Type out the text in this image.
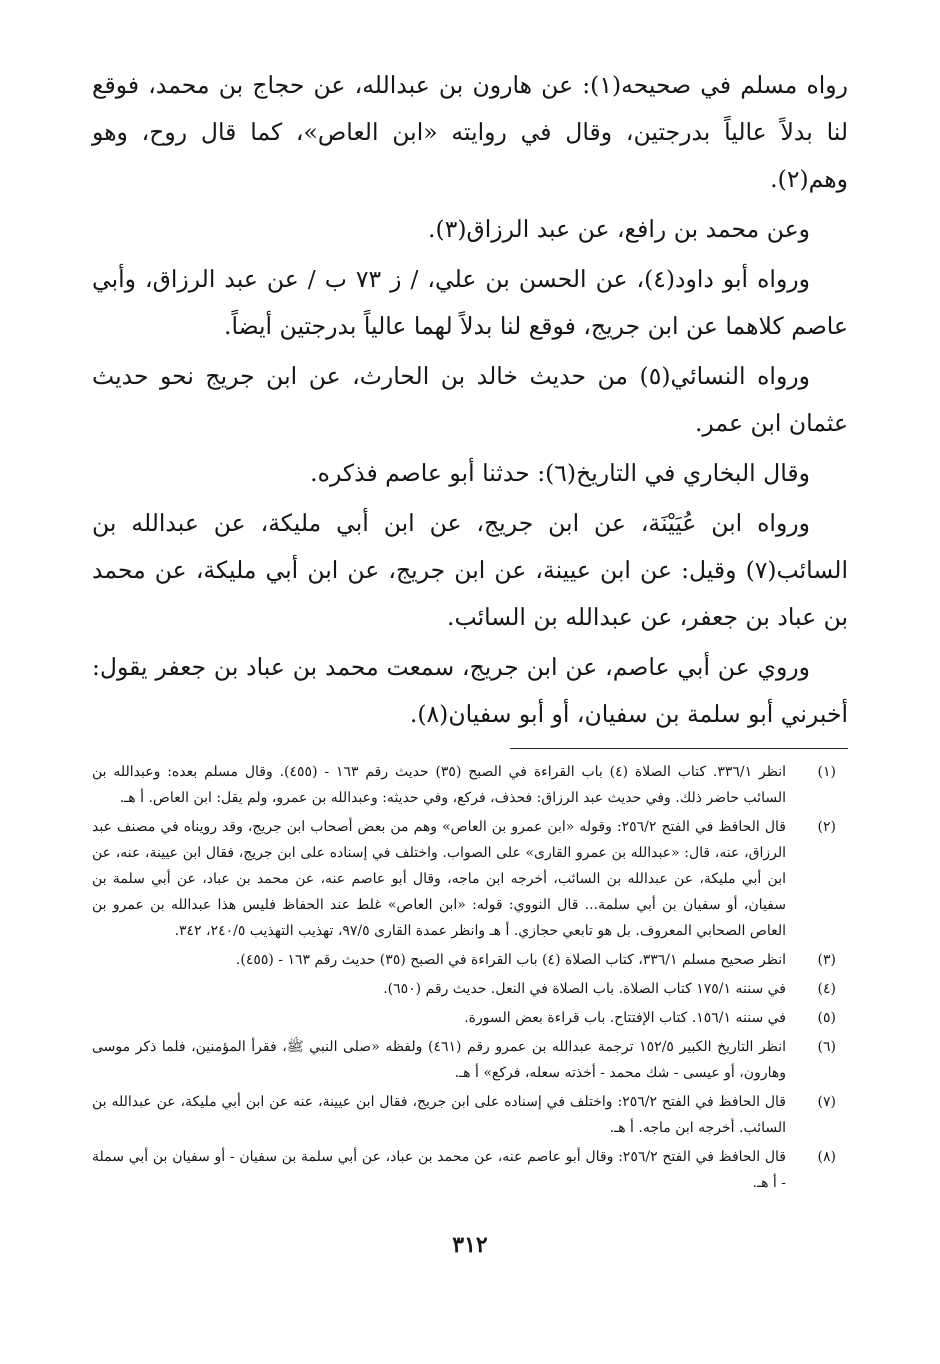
رواه مسلم في صحيحه(١): عن هارون بن عبدالله، عن حجاج بن محمد، فوقع لنا بدلاً عالياً بدرجتين، وقال في روايته «ابن العاص»، كما قال روح، وهو وهم(٢).

وعن محمد بن رافع، عن عبد الرزاق(٣).

ورواه أبو داود(٤)، عن الحسن بن علي، / ز ٧٣ ب / عن عبد الرزاق، وأبي عاصم كلاهما عن ابن جريج، فوقع لنا بدلاً لهما عالياً بدرجتين أيضاً.

ورواه النسائي(٥) من حديث خالد بن الحارث، عن ابن جريج نحو حديث عثمان ابن عمر.

وقال البخاري في التاريخ(٦): حدثنا أبو عاصم فذكره.

ورواه ابن عُيَيْنَة، عن ابن جريج، عن ابن أبي مليكة، عن عبدالله بن السائب(٧) وقيل: عن ابن عيينة، عن ابن جريج، عن ابن أبي مليكة، عن محمد بن عباد بن جعفر، عن عبدالله بن السائب.

وروي عن أبي عاصم، عن ابن جريج، سمعت محمد بن عباد بن جعفر يقول: أخبرني أبو سلمة بن سفيان، أو أبو سفيان(٨).

(١)
انظر ٣٣٦/١. كتاب الصلاة (٤) باب القراءة في الصبح (٣٥) حديث رقم ١٦٣ - (٤٥٥). وقال مسلم بعده: وعبدالله بن السائب حاضر ذلك. وفي حديث عبد الرزاق: فحذف، فركع، وفي حديثه: وعبدالله بن عمرو، ولم يقل: ابن العاص. أ هـ.
(٢)
قال الحافظ في الفتح ٢٥٦/٢: وقوله «ابن عمرو بن العاص» وهم من بعض أصحاب ابن جريج، وقد رويناه في مصنف عبد الرزاق، عنه، قال: «عبدالله بن عمرو القارى» على الصواب. واختلف في إسناده على ابن جريج، فقال ابن عيينة، عنه، عن ابن أبي مليكة، عن عبدالله بن السائب، أخرجه ابن ماجه، وقال أبو عاصم عنه، عن محمد بن عباد، عن أبي سلمة بن سفيان، أو سفيان بن أبي سلمة... قال النووي: قوله: «ابن العاص» غلط عند الحفاظ فليس هذا عبدالله بن عمرو بن العاص الصحابي المعروف. بل هو تابعي حجازي. أ هـ وانظر عمدة القارى ٩٧/٥، تهذيب التهذيب ٢٤٠/٥، ٣٤٢.
(٣)
انظر صحيح مسلم ٣٣٦/١، كتاب الصلاة (٤) باب القراءة في الصبح (٣٥) حديث رقم ١٦٣ - (٤٥٥).
(٤)
في سننه ١٧٥/١ كتاب الصلاة. باب الصلاة في النعل. حديث رقم (٦٥٠).
(٥)
في سننه ١٥٦/١. كتاب الإفتتاح. باب قراءة بعض السورة.
(٦)
انظر التاريخ الكبير ١٥٢/٥ ترجمة عبدالله بن عمرو رقم (٤٦١) ولفظه «صلى النبي ﷺ، فقرأ المؤمنين، فلما ذكر موسى وهارون، أو عيسى - شك محمد - أخذته سعله، فركع» أ هـ.
(٧)
قال الحافظ في الفتح ٢٥٦/٢: واختلف في إسناده على ابن جريج، فقال ابن عيينة، عنه عن ابن أبي مليكة، عن عبدالله بن السائب. أخرجه ابن ماجه. أ هـ.
(٨)
قال الحافظ في الفتح ٢٥٦/٢: وقال أبو عاصم عنه، عن محمد بن عباد، عن أبي سلمة بن سفيان - أو سفيان بن أبي سملة - أ هـ.
٣١٢
